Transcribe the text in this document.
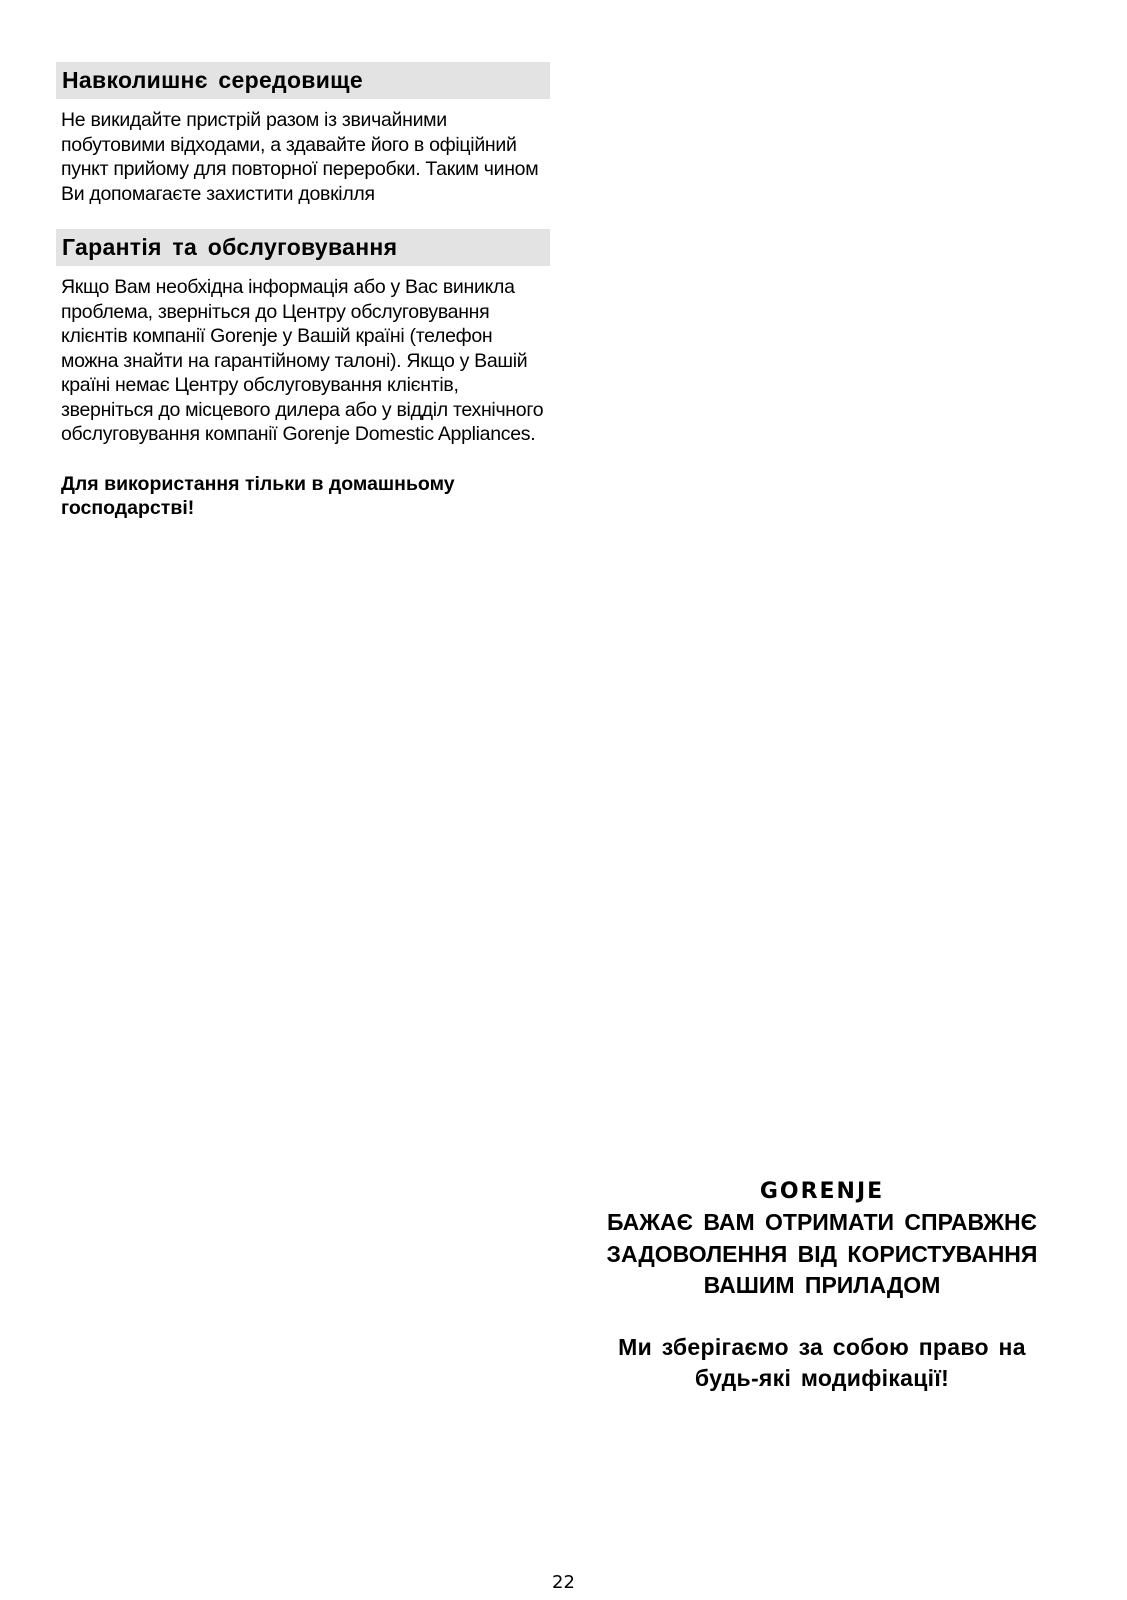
Навколишнє середовище
Не викидайте пристрій разом із звичайними побутовими відходами, а здавайте його в офіційний пункт прийому для повторної переробки. Таким чином Ви допомагаєте захистити довкілля
Гарантія та обслуговування
Якщо Вам необхідна інформація або у Вас виникла проблема, зверніться до Центру обслуговування клієнтів компанії Gorenje у Вашій країні (телефон можна знайти на гарантійному талоні). Якщо у Вашій країні немає Центру обслуговування клієнтів, зверніться до місцевого дилера або у відділ технічного обслуговування компанії Gorenje Domestic Appliances.
Для використання тільки в домашньому господарстві!
GORENJE
БАЖАЄ ВАМ ОТРИМАТИ СПРАВЖНЄ ЗАДОВОЛЕННЯ ВІД КОРИСТУВАННЯ ВАШИМ ПРИЛАДОМ
Ми зберігаємо за собою право на будь-які модифікації!
22
